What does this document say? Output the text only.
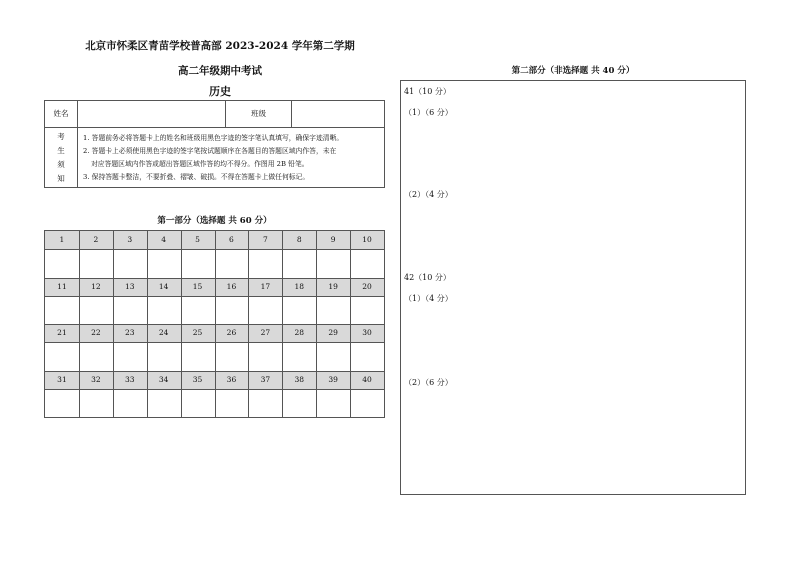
北京市怀柔区青苗学校普高部 2023-2024 学年第二学期
高二年级期中考试
历史
姓名	班级
考
生
须
知
1. 答题前务必将答题卡上的姓名和班级用黑色字迹的签字笔认真填写，确保字迹清晰。
2. 答题卡上必须使用黑色字迹的签字笔按试题顺序在各题目的答题区域内作答，未在
对应答题区域内作答或超出答题区域作答的均不得分。作图用 2B 铅笔。
3. 保持答题卡整洁，不要折叠、褶皱、破损。不得在答题卡上做任何标记。
第一部分（选择题 共 60 分）
1	2	3	4	5	6	7	8	9	10
11	12	13	14	15	16	17	18	19	20
21	22	23	24	25	26	27	28	29	30
31	32	33	34	35	36	37	38	39	40
第二部分（非选择题 共 40 分）
41（10 分）
（1）（6 分）
（2）（4 分）
42（10 分）
（1）（4 分）
（2）（6 分）
